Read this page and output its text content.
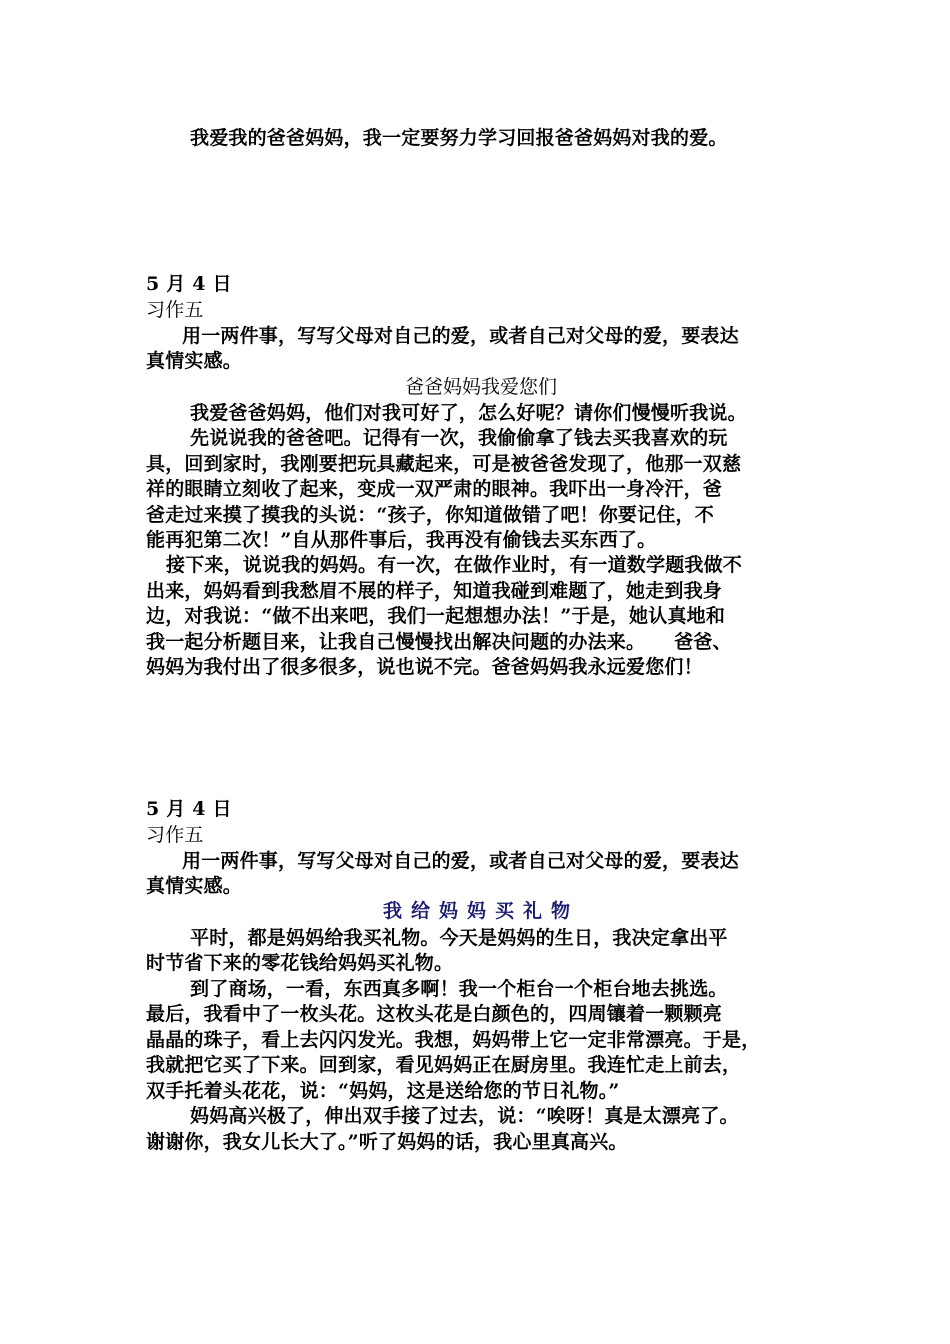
我爱我的爸爸妈妈，我一定要努力学习回报爸爸妈妈对我的爱。
5 月 4 日
习作五
用一两件事，写写父母对自己的爱，或者自己对父母的爱，要表达
真情实感。
爸爸妈妈我爱您们
我爱爸爸妈妈，他们对我可好了，怎么好呢？请你们慢慢听我说。
先说说我的爸爸吧。记得有一次，我偷偷拿了钱去买我喜欢的玩
具，回到家时，我刚要把玩具藏起来，可是被爸爸发现了，他那一双慈
祥的眼睛立刻收了起来，变成一双严肃的眼神。我吓出一身冷汗，爸
爸走过来摸了摸我的头说：“孩子，你知道做错了吧！你要记住，不
能再犯第二次！”自从那件事后，我再没有偷钱去买东西了。
接下来，说说我的妈妈。有一次，在做作业时，有一道数学题我做不
出来，妈妈看到我愁眉不展的样子，知道我碰到难题了，她走到我身
边，对我说：“做不出来吧，我们一起想想办法！”于是，她认真地和
我一起分析题目来，让我自己慢慢找出解决问题的办法来。　　爸爸、
妈妈为我付出了很多很多，说也说不完。爸爸妈妈我永远爱您们！
5 月 4 日
习作五
用一两件事，写写父母对自己的爱，或者自己对父母的爱，要表达
真情实感。
我给妈妈买礼物
平时，都是妈妈给我买礼物。今天是妈妈的生日，我决定拿出平
时节省下来的零花钱给妈妈买礼物。
到了商场，一看，东西真多啊！我一个柜台一个柜台地去挑选。
最后，我看中了一枚头花。这枚头花是白颜色的，四周镶着一颗颗亮
晶晶的珠子，看上去闪闪发光。我想，妈妈带上它一定非常漂亮。于是，
我就把它买了下来。回到家，看见妈妈正在厨房里。我连忙走上前去，
双手托着头花花，说：“妈妈，这是送给您的节日礼物。”
妈妈高兴极了，伸出双手接了过去，说：“唉呀！真是太漂亮了。
谢谢你，我女儿长大了。”听了妈妈的话，我心里真高兴。
